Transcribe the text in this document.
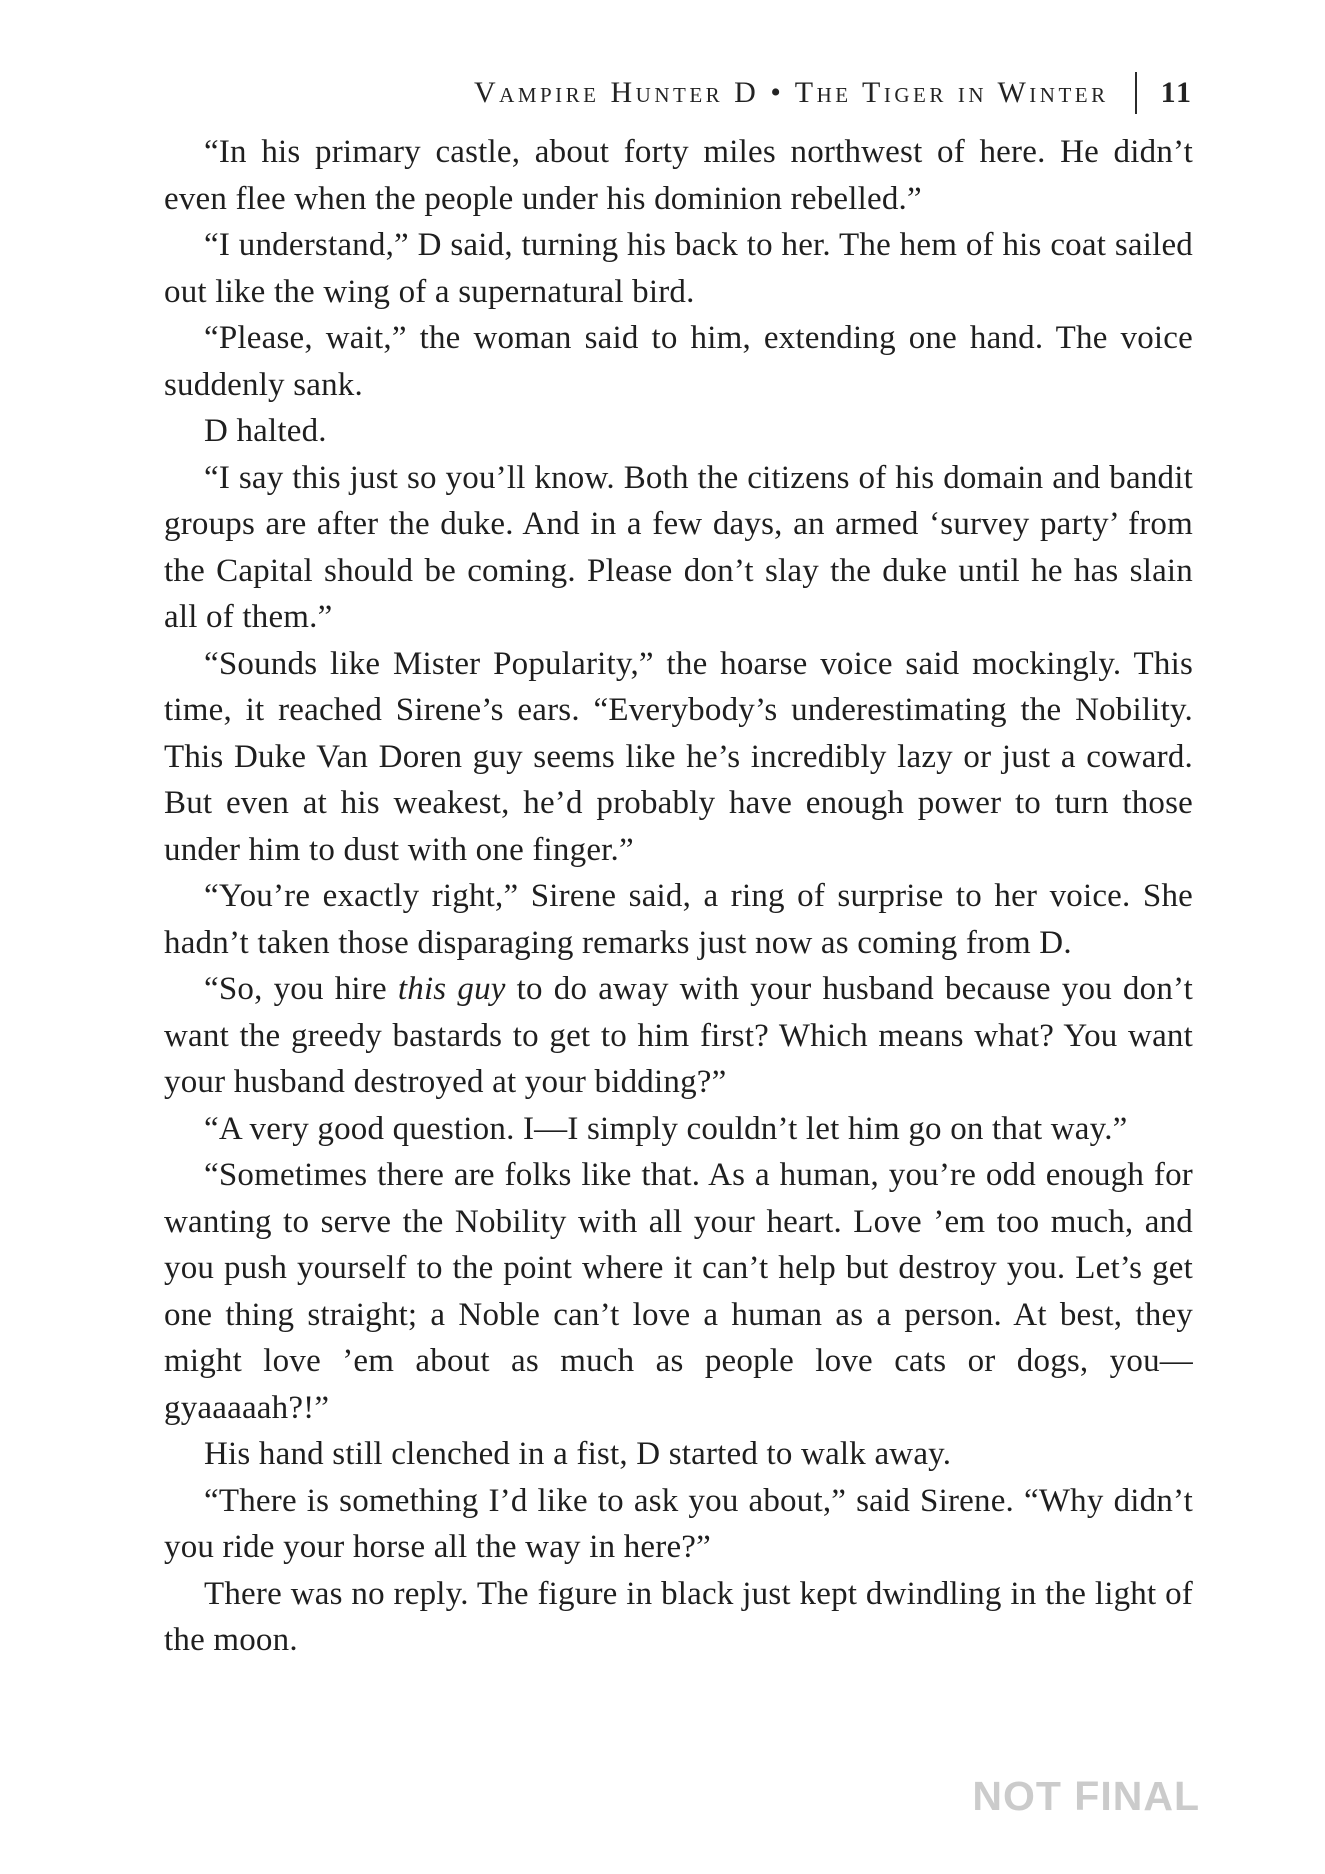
Vampire Hunter D • The Tiger in Winter 11

“In his primary castle, about forty miles northwest of here. He didn’t even flee when the people under his dominion rebelled.”

“I understand,” D said, turning his back to her. The hem of his coat sailed out like the wing of a supernatural bird.

“Please, wait,” the woman said to him, extending one hand. The voice suddenly sank.

D halted.

“I say this just so you’ll know. Both the citizens of his domain and bandit groups are after the duke. And in a few days, an armed ‘survey party’ from the Capital should be coming. Please don’t slay the duke until he has slain all of them.”

“Sounds like Mister Popularity,” the hoarse voice said mockingly. This time, it reached Sirene’s ears. “Everybody’s underestimating the Nobility. This Duke Van Doren guy seems like he’s incredibly lazy or just a coward. But even at his weakest, he’d probably have enough power to turn those under him to dust with one finger.”

“You’re exactly right,” Sirene said, a ring of surprise to her voice. She hadn’t taken those disparaging remarks just now as coming from D.

“So, you hire this guy to do away with your husband because you don’t want the greedy bastards to get to him first? Which means what? You want your husband destroyed at your bidding?”

“A very good question. I—I simply couldn’t let him go on that way.”

“Sometimes there are folks like that. As a human, you’re odd enough for wanting to serve the Nobility with all your heart. Love ’em too much, and you push yourself to the point where it can’t help but destroy you. Let’s get one thing straight; a Noble can’t love a human as a person. At best, they might love ’em about as much as people love cats or dogs, you—gyaaaaah?!”

His hand still clenched in a fist, D started to walk away.

“There is something I’d like to ask you about,” said Sirene. “Why didn’t you ride your horse all the way in here?”

There was no reply. The figure in black just kept dwindling in the light of the moon.

NOT FINAL
